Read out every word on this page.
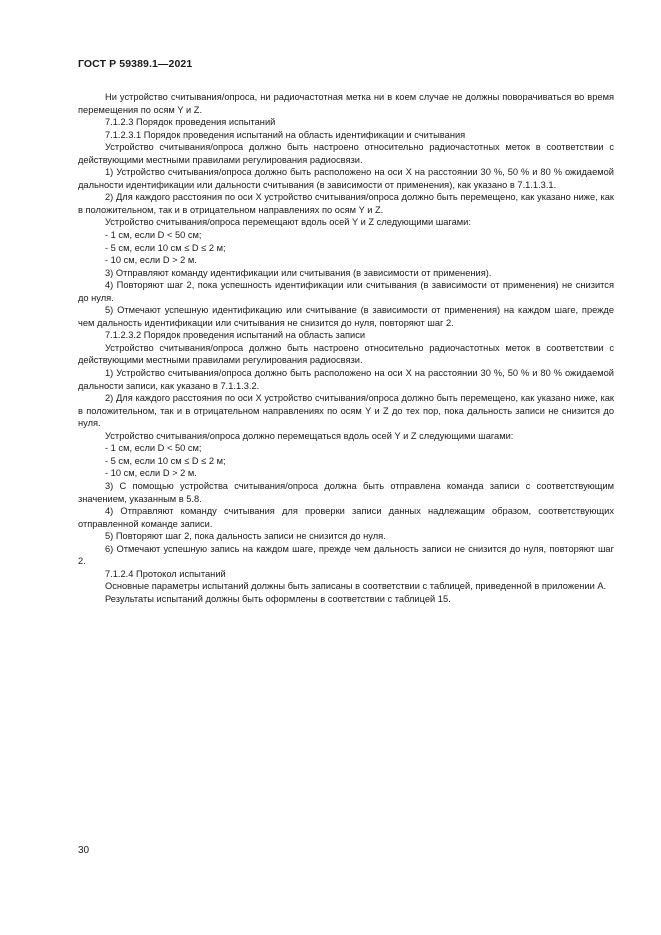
ГОСТ Р 59389.1—2021

Ни устройство считывания/опроса, ни радиочастотная метка ни в коем случае не должны поворачиваться во время перемещения по осям Y и Z.

7.1.2.3 Порядок проведения испытаний

7.1.2.3.1 Порядок проведения испытаний на область идентификации и считывания

Устройство считывания/опроса должно быть настроено относительно радиочастотных меток в соответствии с действующими местными правилами регулирования радиосвязи.

1) Устройство считывания/опроса должно быть расположено на оси X на расстоянии 30 %, 50 % и 80 % ожидаемой дальности идентификации или дальности считывания (в зависимости от применения), как указано в 7.1.1.3.1.

2) Для каждого расстояния по оси X устройство считывания/опроса должно быть перемещено, как указано ниже, как в положительном, так и в отрицательном направлениях по осям Y и Z.

Устройство считывания/опроса перемещают вдоль осей Y и Z следующими шагами:

- 1 см, если D < 50 см;

- 5 см, если 10 см ≤ D ≤ 2 м;

- 10 см, если D > 2 м.

3) Отправляют команду идентификации или считывания (в зависимости от применения).

4) Повторяют шаг 2, пока успешность идентификации или считывания (в зависимости от применения) не снизится до нуля.

5) Отмечают успешную идентификацию или считывание (в зависимости от применения) на каждом шаге, прежде чем дальность идентификации или считывания не снизится до нуля, повторяют шаг 2.

7.1.2.3.2 Порядок проведения испытаний на область записи

Устройство считывания/опроса должно быть настроено относительно радиочастотных меток в соответствии с действующими местными правилами регулирования радиосвязи.

1) Устройство считывания/опроса должно быть расположено на оси X на расстоянии 30 %, 50 % и 80 % ожидаемой дальности записи, как указано в 7.1.1.3.2.

2) Для каждого расстояния по оси X устройство считывания/опроса должно быть перемещено, как указано ниже, как в положительном, так и в отрицательном направлениях по осям Y и Z до тех пор, пока дальность записи не снизится до нуля.

Устройство считывания/опроса должно перемещаться вдоль осей Y и Z следующими шагами:

- 1 см, если D < 50 см;

- 5 см, если 10 см ≤ D ≤ 2 м;

- 10 см, если D > 2 м.

3) С помощью устройства считывания/опроса должна быть отправлена команда записи с соответствующим значением, указанным в 5.8.

4) Отправляют команду считывания для проверки записи данных надлежащим образом, соответствующих отправленной команде записи.

5) Повторяют шаг 2, пока дальность записи не снизится до нуля.

6) Отмечают успешную запись на каждом шаге, прежде чем дальность записи не снизится до нуля, повторяют шаг 2.

7.1.2.4 Протокол испытаний

Основные параметры испытаний должны быть записаны в соответствии с таблицей, приведенной в приложении А.

Результаты испытаний должны быть оформлены в соответствии с таблицей 15.

30
